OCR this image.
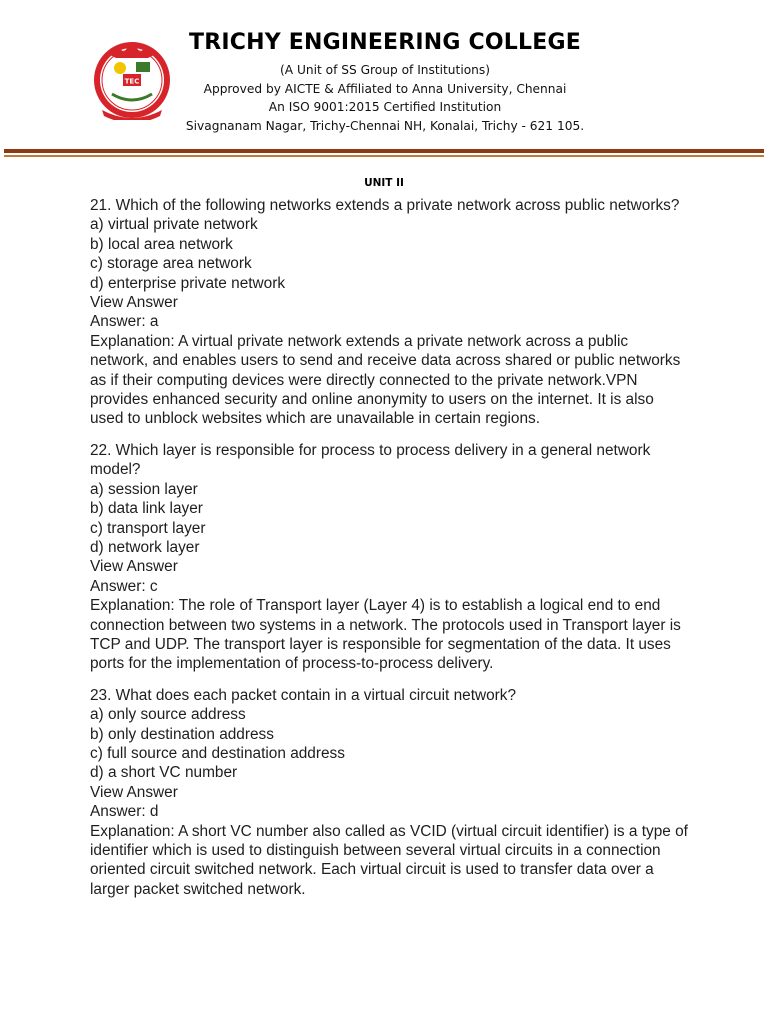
TEC
TRICHY ENGINEERING COLLEGE
(A Unit of SS Group of Institutions)
Approved by AICTE & Affiliated to Anna University, Chennai
An ISO 9001:2015 Certified Institution
Sivagnanam Nagar, Trichy-Chennai NH, Konalai, Trichy - 621 105.
UNIT II
21. Which of the following networks extends a private network across public networks?
a) virtual private network
b) local area network
c) storage area network
d) enterprise private network
View Answer
Answer: a
Explanation: A virtual private network extends a private network across a public network, and enables users to send and receive data across shared or public networks as if their computing devices were directly connected to the private network.VPN provides enhanced security and online anonymity to users on the internet. It is also used to unblock websites which are unavailable in certain regions.
22. Which layer is responsible for process to process delivery in a general network model?
a) session layer
b) data link layer
c) transport layer
d) network layer
View Answer
Answer: c
Explanation: The role of Transport layer (Layer 4) is to establish a logical end to end connection between two systems in a network. The protocols used in Transport layer is TCP and UDP. The transport layer is responsible for segmentation of the data. It uses ports for the implementation of process-to-process delivery.
23. What does each packet contain in a virtual circuit network?
a) only source address
b) only destination address
c) full source and destination address
d) a short VC number
View Answer
Answer: d
Explanation: A short VC number also called as VCID (virtual circuit identifier) is a type of identifier which is used to distinguish between several virtual circuits in a connection oriented circuit switched network. Each virtual circuit is used to transfer data over a larger packet switched network.
